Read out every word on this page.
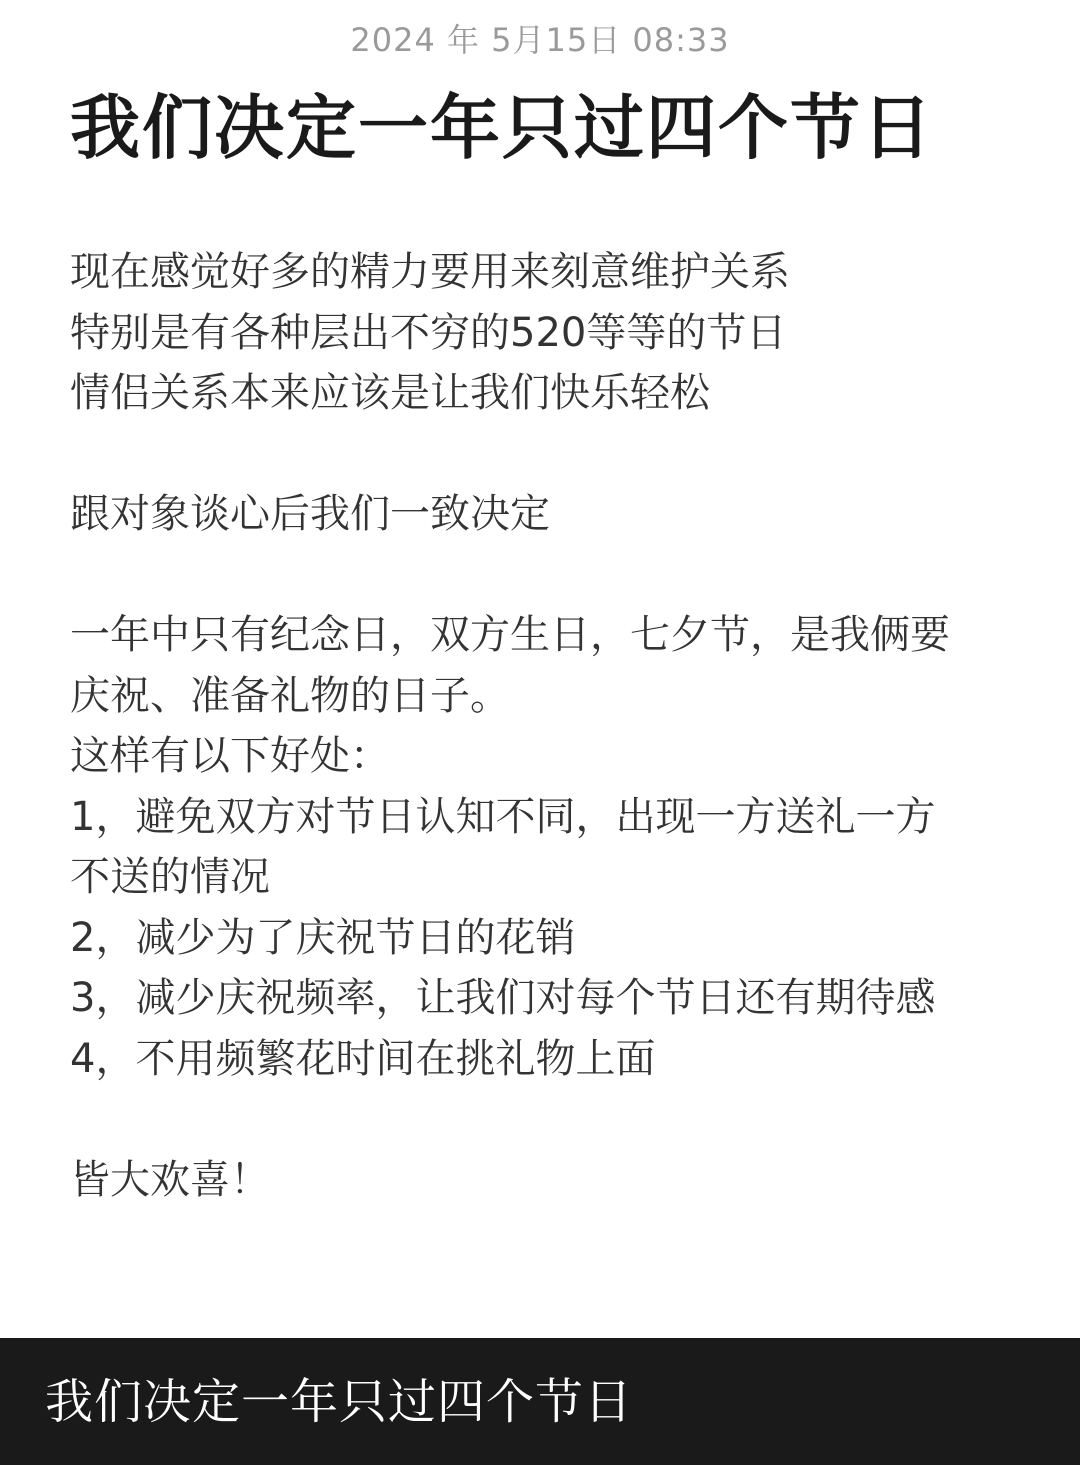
2024 年 5月15日 08:33
我们决定一年只过四个节日
现在感觉好多的精力要用来刻意维护关系
特别是有各种层出不穷的520等等的节日
情侣关系本来应该是让我们快乐轻松
跟对象谈心后我们一致决定
一年中只有纪念日，双方生日，七夕节，是我俩要
庆祝、准备礼物的日子。
这样有以下好处：
1，避免双方对节日认知不同，出现一方送礼一方
不送的情况
2，减少为了庆祝节日的花销
3，减少庆祝频率，让我们对每个节日还有期待感
4，不用频繁花时间在挑礼物上面
皆大欢喜！
我们决定一年只过四个节日
